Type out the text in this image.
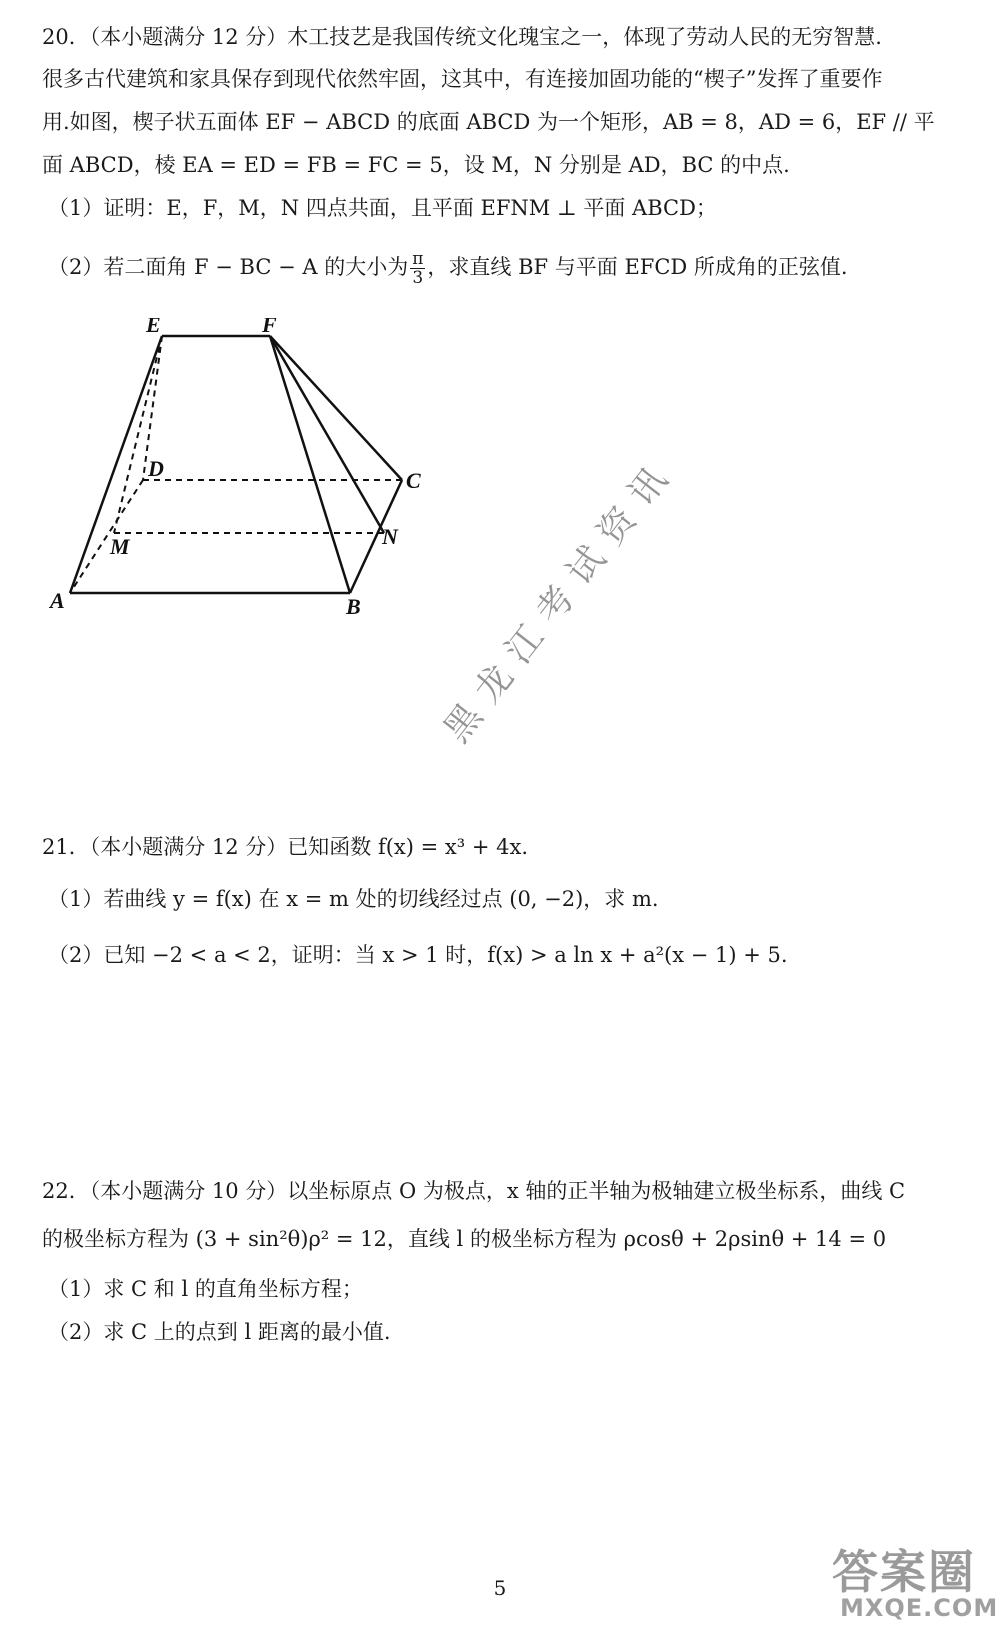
20．（本小题满分 12 分）木工技艺是我国传统文化瑰宝之一，体现了劳动人民的无穷智慧.
很多古代建筑和家具保存到现代依然牢固，这其中，有连接加固功能的“楔子”发挥了重要作
用.如图，楔子状五面体 EF − ABCD 的底面 ABCD 为一个矩形，AB = 8，AD = 6，EF // 平
面 ABCD，棱 EA = ED = FB = FC = 5，设 M，N 分别是 AD，BC 的中点.
（1）证明：E，F，M，N 四点共面，且平面 EFNM ⊥ 平面 ABCD；
（2）若二面角 F − BC − A 的大小为 $\frac{\pi}{3}$ ，求直线 BF 与平面 EFCD 所成角的正弦值.
E	F
D	C
M	N
A	B 黑龙江考试资讯
21．（本小题满分 12 分）已知函数 f(x) = x³ + 4x.
（1）若曲线 y = f(x) 在 x = m 处的切线经过点 (0, −2)，求 m.
（2）已知 −2 < a < 2，证明：当 x > 1 时，f(x) > a ln x + a²(x − 1) + 5.
22．（本小题满分 10 分）以坐标原点 O 为极点，x 轴的正半轴为极轴建立极坐标系，曲线 C
的极坐标方程为 (3 + sin²θ)ρ² = 12，直线 l 的极坐标方程为 ρcosθ + 2ρsinθ + 14 = 0
（1）求 C 和 l 的直角坐标方程；
（2）求 C 上的点到 l 距离的最小值.
5	答案圈
MXQE.COM
